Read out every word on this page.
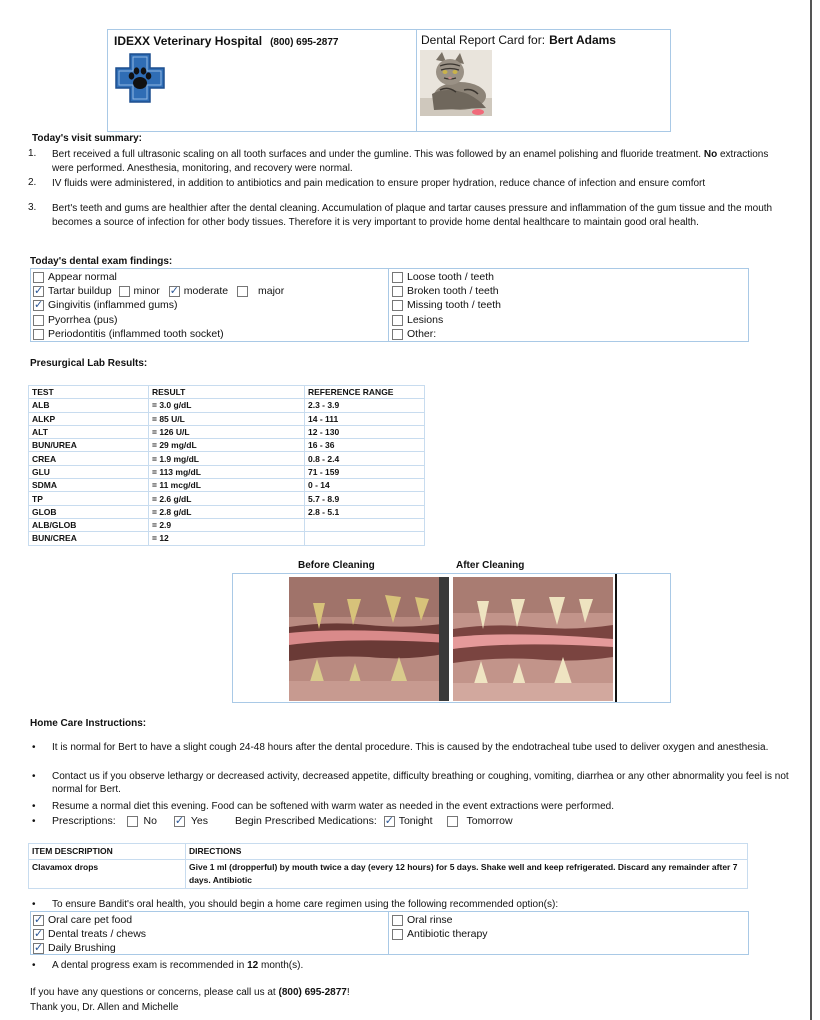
IDEXX Veterinary Hospital (800) 695-2877	Dental Report Card for: Bert Adams
Today's visit summary:
1. Bert received a full ultrasonic scaling on all tooth surfaces and under the gumline. This was followed by an enamel polishing and fluoride treatment. No extractions were performed. Anesthesia, monitoring, and recovery were normal.
2. IV fluids were administered, in addition to antibiotics and pain medication to ensure proper hydration, reduce chance of infection and ensure comfort
3. Bert's teeth and gums are healthier after the dental cleaning. Accumulation of plaque and tartar causes pressure and inflammation of the gum tissue and the mouth becomes a source of infection for other body tissues. Therefore it is very important to provide home dental healthcare to maintain good oral health.
Today's dental exam findings:
Appear normal
✓Tartar buildup minor ✓ moderate	major
✓Gingivitis (inflammed gums)
Pyorrhea (pus)
Periodontitis (inflammed tooth socket)
Loose tooth / teeth
Broken tooth / teeth
Missing tooth / teeth
Lesions
Other:
Presurgical Lab Results:
TEST	RESULT	REFERENCE RANGE
ALB	= 3.0 g/dL	2.3 - 3.9
ALKP	= 85 U/L	14 - 111
ALT	= 126 U/L	12 - 130
BUN/UREA	= 29 mg/dL	16 - 36
CREA	= 1.9 mg/dL	0.8 - 2.4
GLU	= 113 mg/dL	71 - 159
SDMA	= 11 mcg/dL	0 - 14
TP	= 2.6 g/dL	5.7 - 8.9
GLOB	= 2.8 g/dL	2.8 - 5.1
ALB/GLOB	= 2.9	
BUN/CREA	= 12	
Before Cleaning	After Cleaning
Home Care Instructions:
• It is normal for Bert to have a slight cough 24-48 hours after the dental procedure. This is caused by the endotracheal tube used to deliver oxygen and anesthesia.
• Contact us if you observe lethargy or decreased activity, decreased appetite, difficulty breathing or coughing, vomiting, diarrhea or any other abnormality you feel is not normal for Bert.
• Resume a normal diet this evening. Food can be softened with warm water as needed in the event extractions were performed.
• Prescriptions:	No ✓	Yes	Begin Prescribed Medications: ✓ Tonight	Tomorrow
ITEM DESCRIPTION	DIRECTIONS
Clavamox drops	Give 1 ml (dropperful) by mouth twice a day (every 12 hours) for 5 days. Shake well and keep refrigerated. Discard any remainder after 7 days. Antibiotic
• To ensure Bandit's oral health, you should begin a home care regimen using the following recommended option(s):
✓Oral care pet food
✓Dental treats / chews
✓Daily Brushing
Oral rinse
Antibiotic therapy
• A dental progress exam is recommended in 12 month(s).
If you have any questions or concerns, please call us at (800) 695-2877!
Thank you, Dr. Allen and Michelle
